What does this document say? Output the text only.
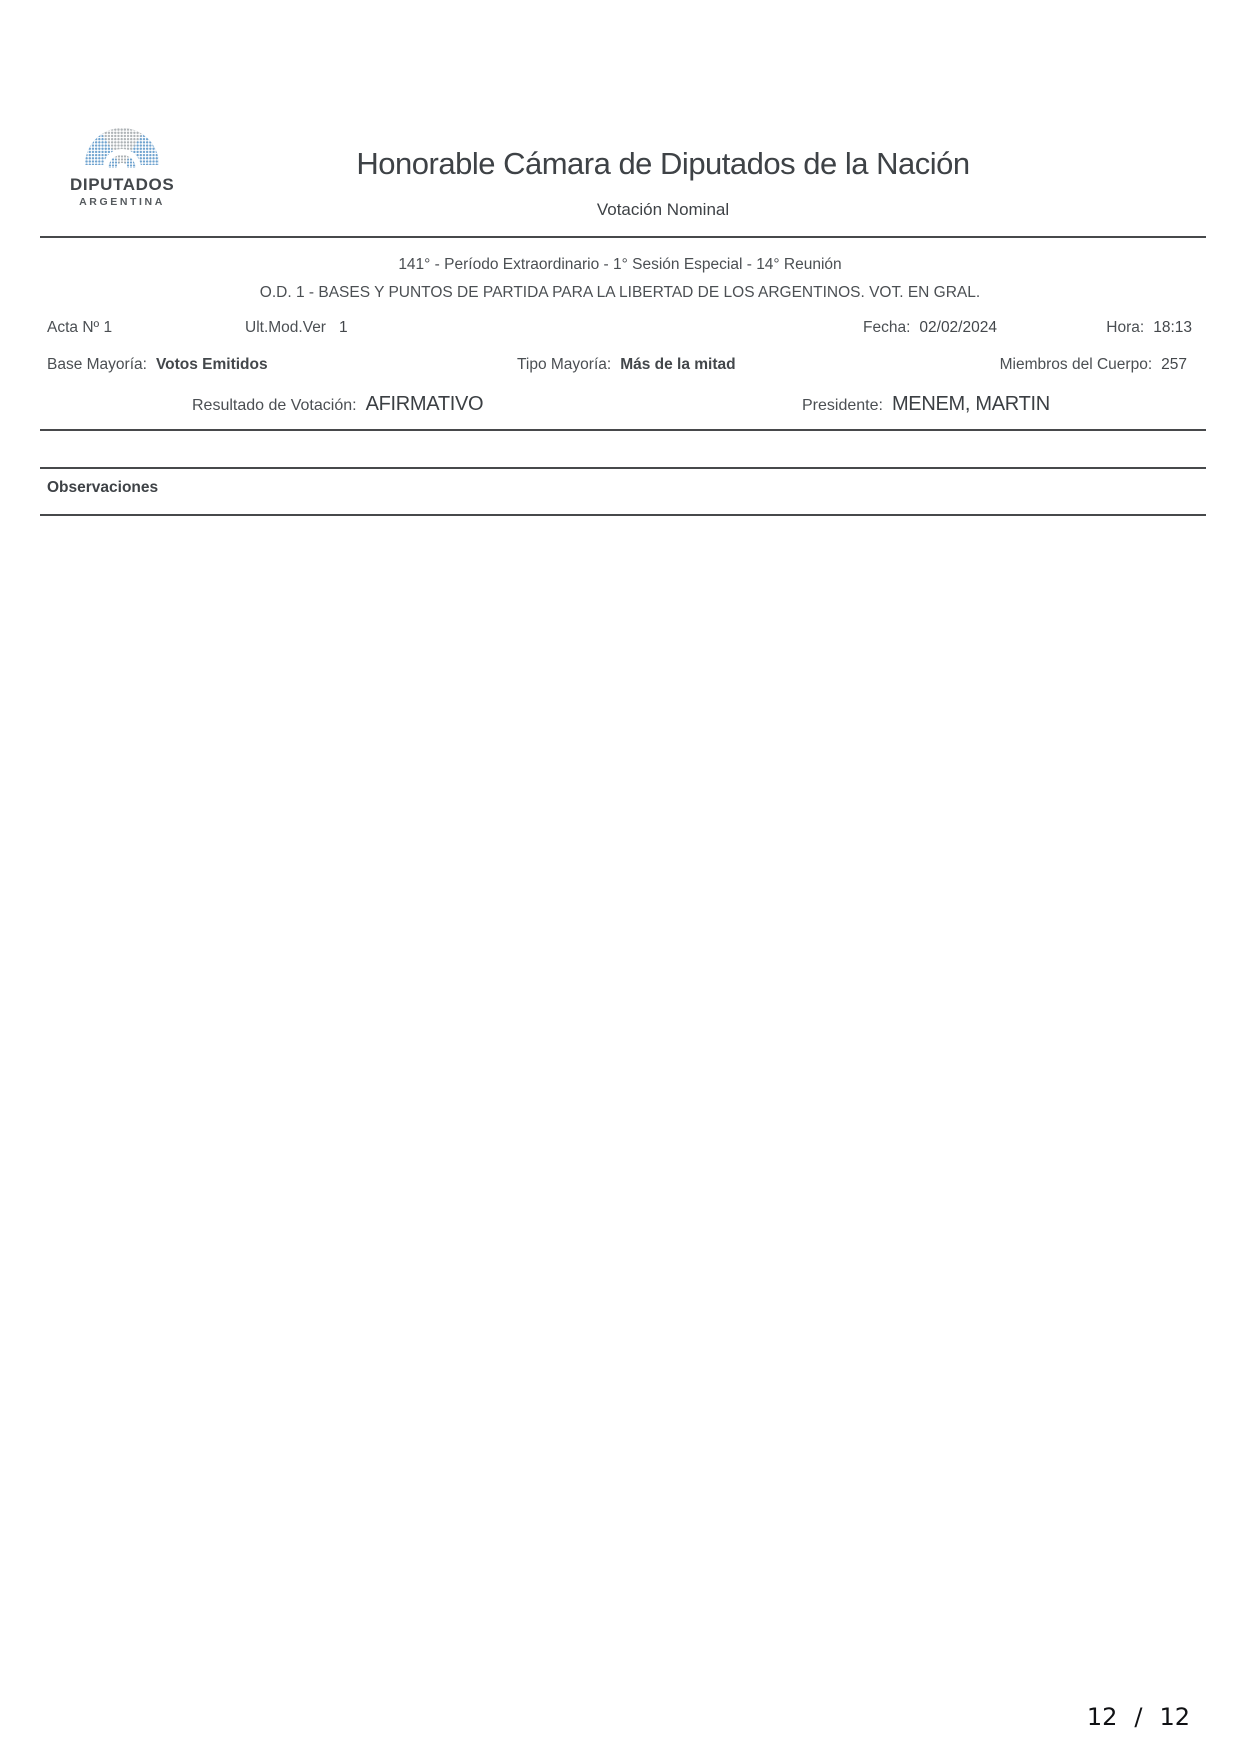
DIPUTADOS
ARGENTINA
Honorable Cámara de Diputados de la Nación
Votación Nominal
141° - Período Extraordinario - 1° Sesión Especial - 14° Reunión
O.D. 1 - BASES Y PUNTOS DE PARTIDA PARA LA LIBERTAD DE LOS ARGENTINOS. VOT. EN GRAL.
Acta Nº 1	Ult.Mod.Ver 1	Fecha: 02/02/2024	Hora: 18:13
Base Mayoría: Votos Emitidos	Tipo Mayoría: Más de la mitad	Miembros del Cuerpo: 257
Resultado de Votación: AFIRMATIVO	Presidente: MENEM, MARTIN
Observaciones
12 / 12
